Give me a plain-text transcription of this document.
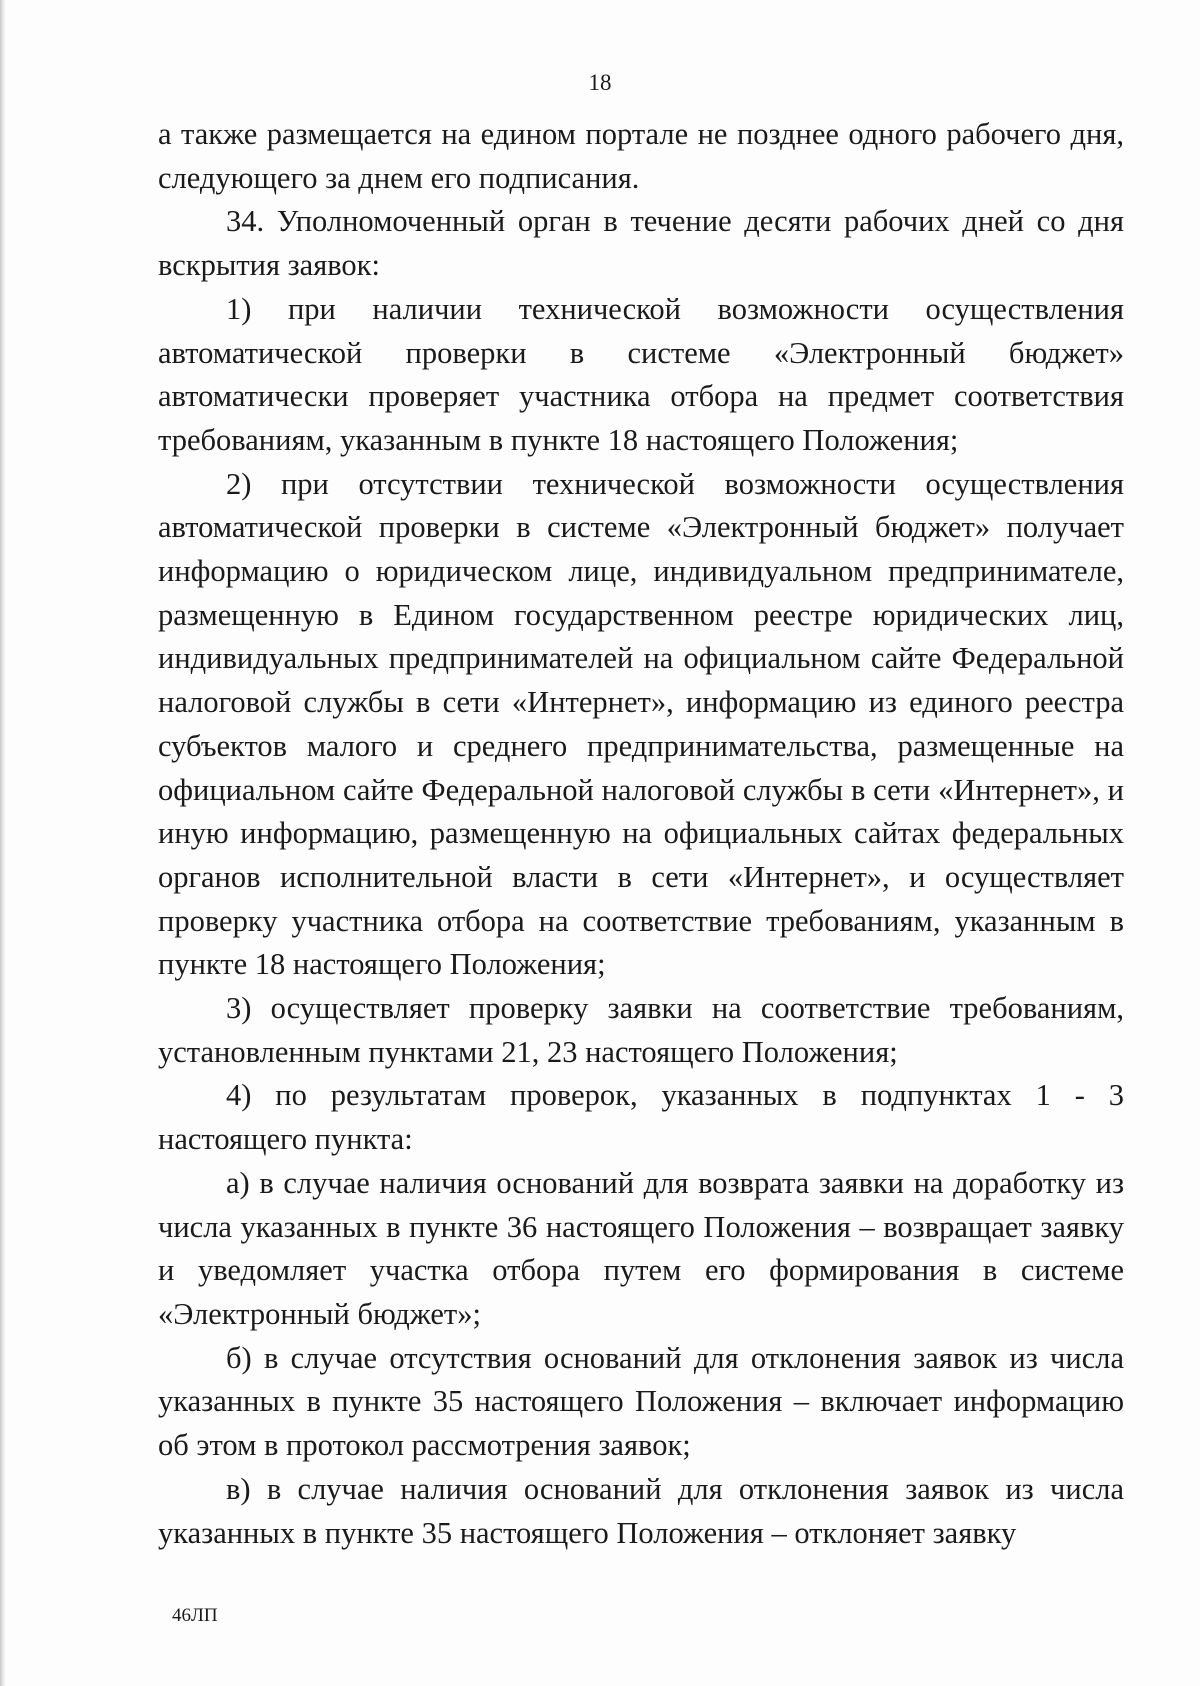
18

а также размещается на едином портале не позднее одного рабочего дня, следующего за днем его подписания.

34. Уполномоченный орган в течение десяти рабочих дней со дня вскрытия заявок:

1) при наличии технической возможности осуществления автоматической проверки в системе «Электронный бюджет» автоматически проверяет участника отбора на предмет соответствия требованиям, указанным в пункте 18 настоящего Положения;

2) при отсутствии технической возможности осуществления автоматической проверки в системе «Электронный бюджет» получает информацию о юридическом лице, индивидуальном предпринимателе, размещенную в Едином государственном реестре юридических лиц, индивидуальных предпринимателей на официальном сайте Федеральной налоговой службы в сети «Интернет», информацию из единого реестра субъектов малого и среднего предпринимательства, размещенные на официальном сайте Федеральной налоговой службы в сети «Интернет», и иную информацию, размещенную на официальных сайтах федеральных органов исполнительной власти в сети «Интернет», и осуществляет проверку участника отбора на соответствие требованиям, указанным в пункте 18 настоящего Положения;

3) осуществляет проверку заявки на соответствие требованиям, установленным пунктами 21, 23 настоящего Положения;

4) по результатам проверок, указанных в подпунктах 1 - 3 настоящего пункта:

а) в случае наличия оснований для возврата заявки на доработку из числа указанных в пункте 36 настоящего Положения – возвращает заявку и уведомляет участка отбора путем его формирования в системе «Электронный бюджет»;

б) в случае отсутствия оснований для отклонения заявок из числа указанных в пункте 35 настоящего Положения – включает информацию об этом в протокол рассмотрения заявок;

в) в случае наличия оснований для отклонения заявок из числа указанных в пункте 35 настоящего Положения – отклоняет заявку

46ЛП
